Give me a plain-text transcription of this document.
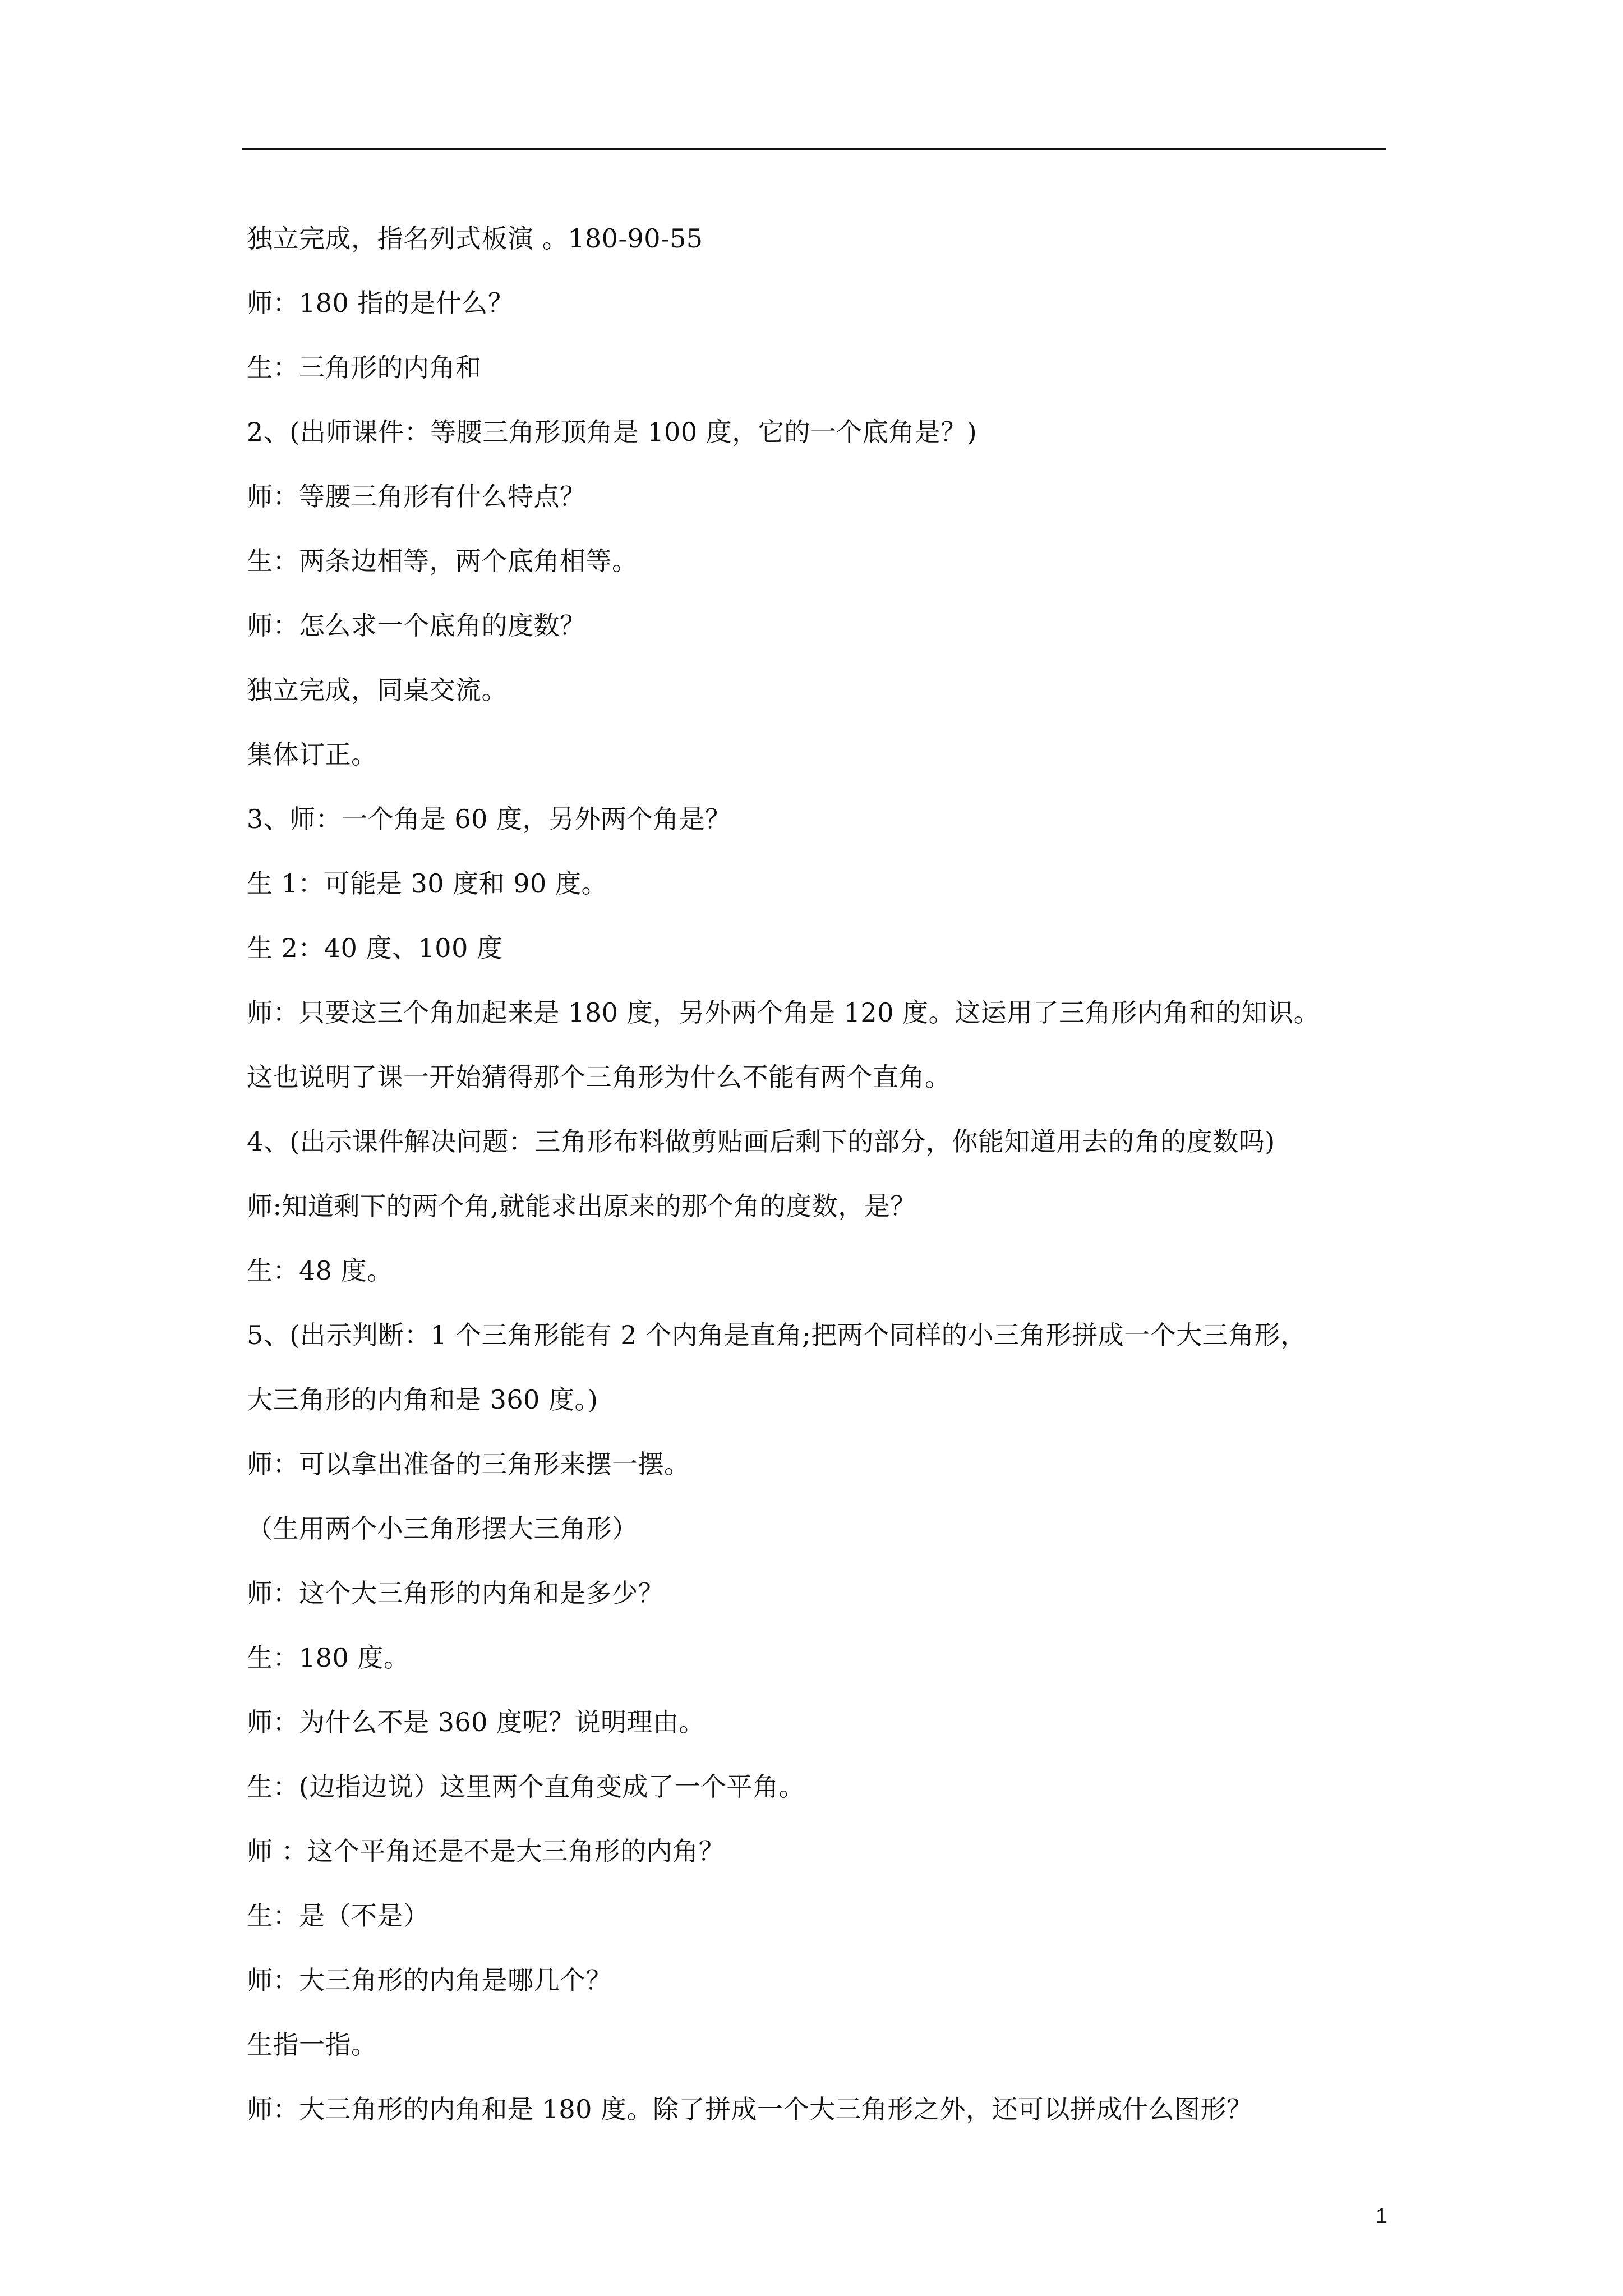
独立完成，指名列式板演 。180-90-55
师：180 指的是什么？
生：三角形的内角和
2、(出师课件：等腰三角形顶角是 100 度，它的一个底角是？)
师：等腰三角形有什么特点？
生：两条边相等，两个底角相等。
师：怎么求一个底角的度数？
独立完成，同桌交流。
集体订正。
3、师：一个角是 60 度，另外两个角是？
生 1：可能是 30 度和 90 度。
生 2：40 度、100 度
师：只要这三个角加起来是 180 度，另外两个角是 120 度。这运用了三角形内角和的知识。
这也说明了课一开始猜得那个三角形为什么不能有两个直角。
4、(出示课件解决问题：三角形布料做剪贴画后剩下的部分，你能知道用去的角的度数吗)
师:知道剩下的两个角,就能求出原来的那个角的度数，是？
生：48 度。
5、(出示判断：1 个三角形能有 2 个内角是直角;把两个同样的小三角形拼成一个大三角形，
大三角形的内角和是 360 度。)
师：可以拿出准备的三角形来摆一摆。
（生用两个小三角形摆大三角形）
师：这个大三角形的内角和是多少？
生：180 度。
师：为什么不是 360 度呢？说明理由。
生：(边指边说）这里两个直角变成了一个平角。
师 ：这个平角还是不是大三角形的内角？
生：是（不是）
师：大三角形的内角是哪几个？
生指一指。
师：大三角形的内角和是 180 度。除了拼成一个大三角形之外，还可以拼成什么图形？
1
